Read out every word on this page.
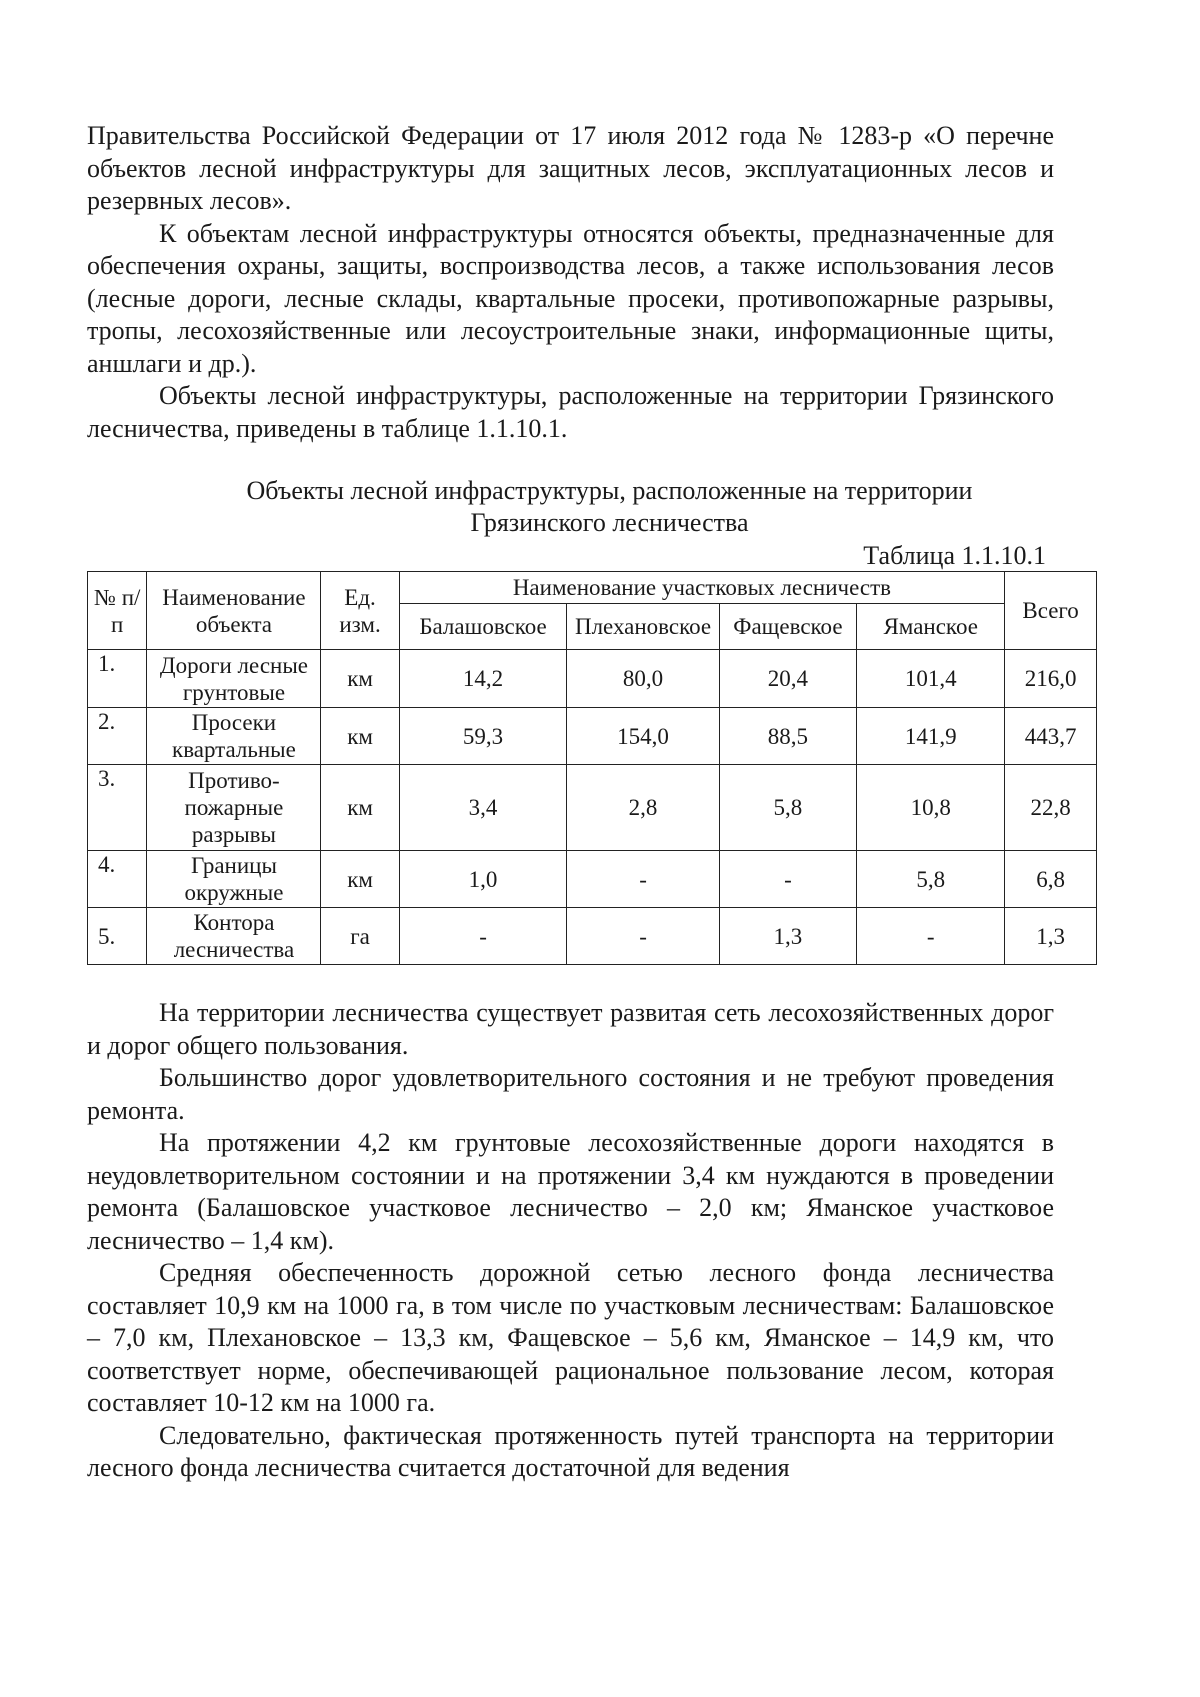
Правительства Российской Федерации от 17 июля 2012 года № 1283-р «О перечне объектов лесной инфраструктуры для защитных лесов, эксплуатационных лесов и резервных лесов».

К объектам лесной инфраструктуры относятся объекты, предназначенные для обеспечения охраны, защиты, воспроизводства лесов, а также использования лесов (лесные дороги, лесные склады, квартальные просеки, противопожарные разрывы, тропы, лесохозяйственные или лесоустроительные знаки, информационные щиты, аншлаги и др.).

Объекты лесной инфраструктуры, расположенные на территории Грязинского лесничества, приведены в таблице 1.1.10.1.

Объекты лесной инфраструктуры, расположенные на территории
Грязинского лесничества
Таблица 1.1.10.1
№ п/п	Наименование объекта	Ед. изм.	Наименование участковых лесничеств				Всего
			Балашовское	Плехановское	Фащевское	Яманское	
1.	Дороги лесные грунтовые	км	14,2	80,0	20,4	101,4	216,0
2.	Просеки квартальные	км	59,3	154,0	88,5	141,9	443,7
3.	Противо-пожарные разрывы	км	3,4	2,8	5,8	10,8	22,8
4.	Границы окружные	км	1,0	-	-	5,8	6,8
5.	Контора лесничества	га	-	-	1,3	-	1,3

На территории лесничества существует развитая сеть лесохозяйственных дорог и дорог общего пользования.

Большинство дорог удовлетворительного состояния и не требуют проведения ремонта.

На протяжении 4,2 км грунтовые лесохозяйственные дороги находятся в неудовлетворительном состоянии и на протяжении 3,4 км нуждаются в проведении ремонта (Балашовское участковое лесничество – 2,0 км; Яманское участковое лесничество – 1,4 км).

Средняя обеспеченность дорожной сетью лесного фонда лесничества составляет 10,9 км на 1000 га, в том числе по участковым лесничествам: Балашовское – 7,0 км, Плехановское – 13,3 км, Фащевское – 5,6 км, Яманское – 14,9 км, что соответствует норме, обеспечивающей рациональное пользование лесом, которая составляет 10-12 км на 1000 га.

Следовательно, фактическая протяженность путей транспорта на территории лесного фонда лесничества считается достаточной для ведения
